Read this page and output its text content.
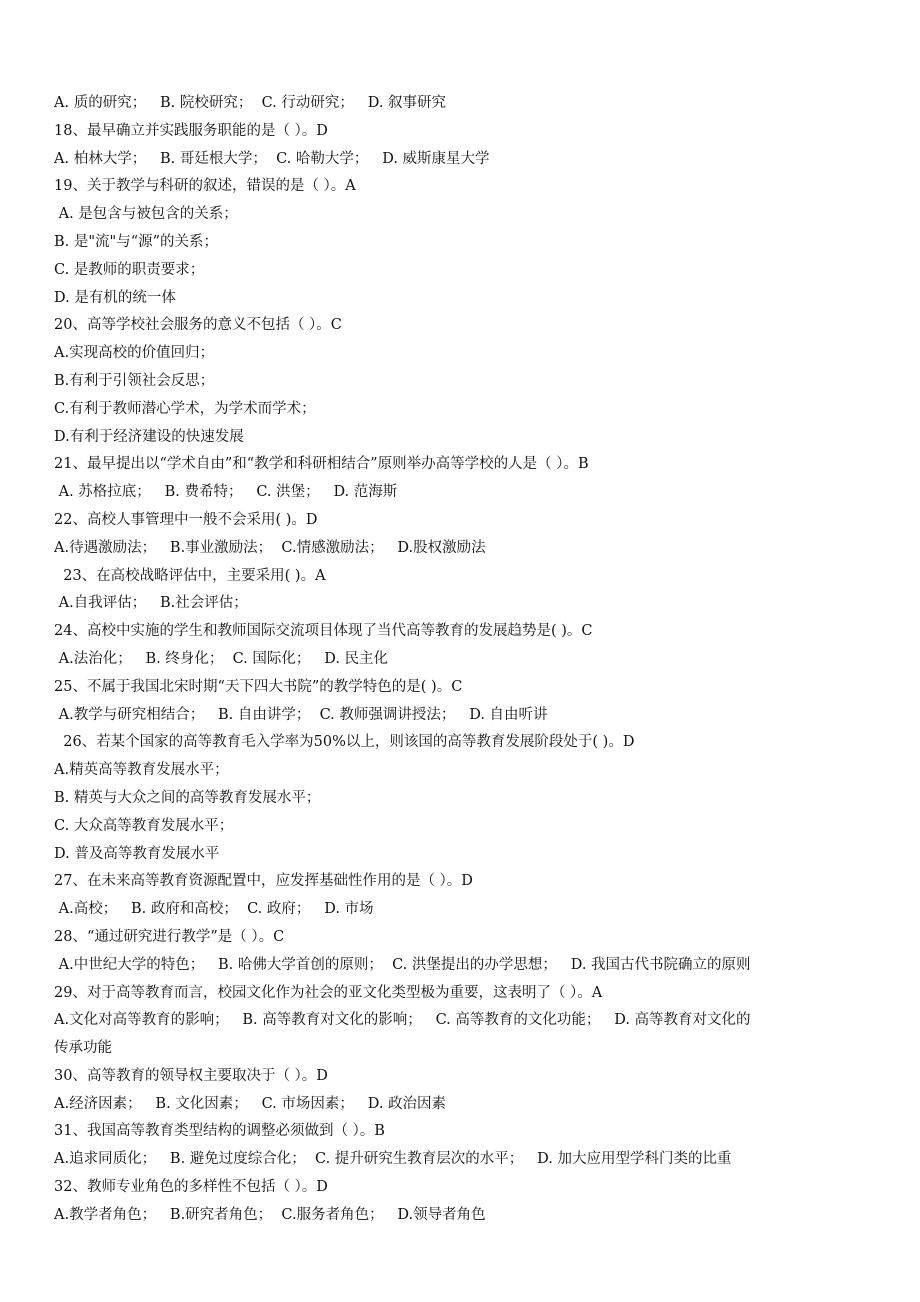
A. 质的研究；   B. 院校研究；  C. 行动研究；   D. 叙事研究
18、最早确立并实践服务职能的是（ ）。D
A. 柏林大学；   B. 哥廷根大学；  C. 哈勒大学；   D. 威斯康星大学
19、关于教学与科研的叙述，错误的是（ ）。A
A. 是包含与被包含的关系；
B. 是"流"与“源”的关系；
C. 是教师的职责要求；
D. 是有机的统一体
20、高等学校社会服务的意义不包括（ ）。C
A.实现高校的价值回归；
B.有利于引领社会反思；
C.有利于教师潜心学术，为学术而学术；
D.有利于经济建设的快速发展
21、最早提出以“学术自由”和“教学和科研相结合”原则举办高等学校的人是（ ）。B
A. 苏格拉底；   B. 费希特；   C. 洪堡；   D. 范海斯
22、高校人事管理中一般不会采用( )。D
A.待遇激励法；   B.事业激励法；  C.情感激励法；   D.股权激励法
23、在高校战略评估中，主要采用( )。A
A.自我评估；   B.社会评估；
24、高校中实施的学生和教师国际交流项目体现了当代高等教育的发展趋势是( )。C
A.法治化；   B. 终身化；  C. 国际化；   D. 民主化
25、不属于我国北宋时期“天下四大书院”的教学特色的是( )。C
A.教学与研究相结合；   B. 自由讲学；  C. 教师强调讲授法；   D. 自由听讲
26、若某个国家的高等教育毛入学率为50%以上，则该国的高等教育发展阶段处于( )。D
A.精英高等教育发展水平；
B. 精英与大众之间的高等教育发展水平；
C. 大众高等教育发展水平；
D. 普及高等教育发展水平
27、在未来高等教育资源配置中，应发挥基础性作用的是（ ）。D
A.高校；   B. 政府和高校；  C. 政府；   D. 市场
28、“通过研究进行教学”是（ ）。C
A.中世纪大学的特色；   B. 哈佛大学首创的原则；  C. 洪堡提出的办学思想；   D. 我国古代书院确立的原则
29、对于高等教育而言，校园文化作为社会的亚文化类型极为重要，这表明了（ ）。A
A.文化对高等教育的影响；   B. 高等教育对文化的影响；   C. 高等教育的文化功能；   D. 高等教育对文化的
传承功能
30、高等教育的领导权主要取决于（ ）。D
A.经济因素；   B. 文化因素；   C. 市场因素；   D. 政治因素
31、我国高等教育类型结构的调整必须做到（ ）。B
A.追求同质化；   B. 避免过度综合化；  C. 提升研究生教育层次的水平；   D. 加大应用型学科门类的比重
32、教师专业角色的多样性不包括（ ）。D
A.教学者角色；   B.研究者角色；  C.服务者角色；   D.领导者角色
